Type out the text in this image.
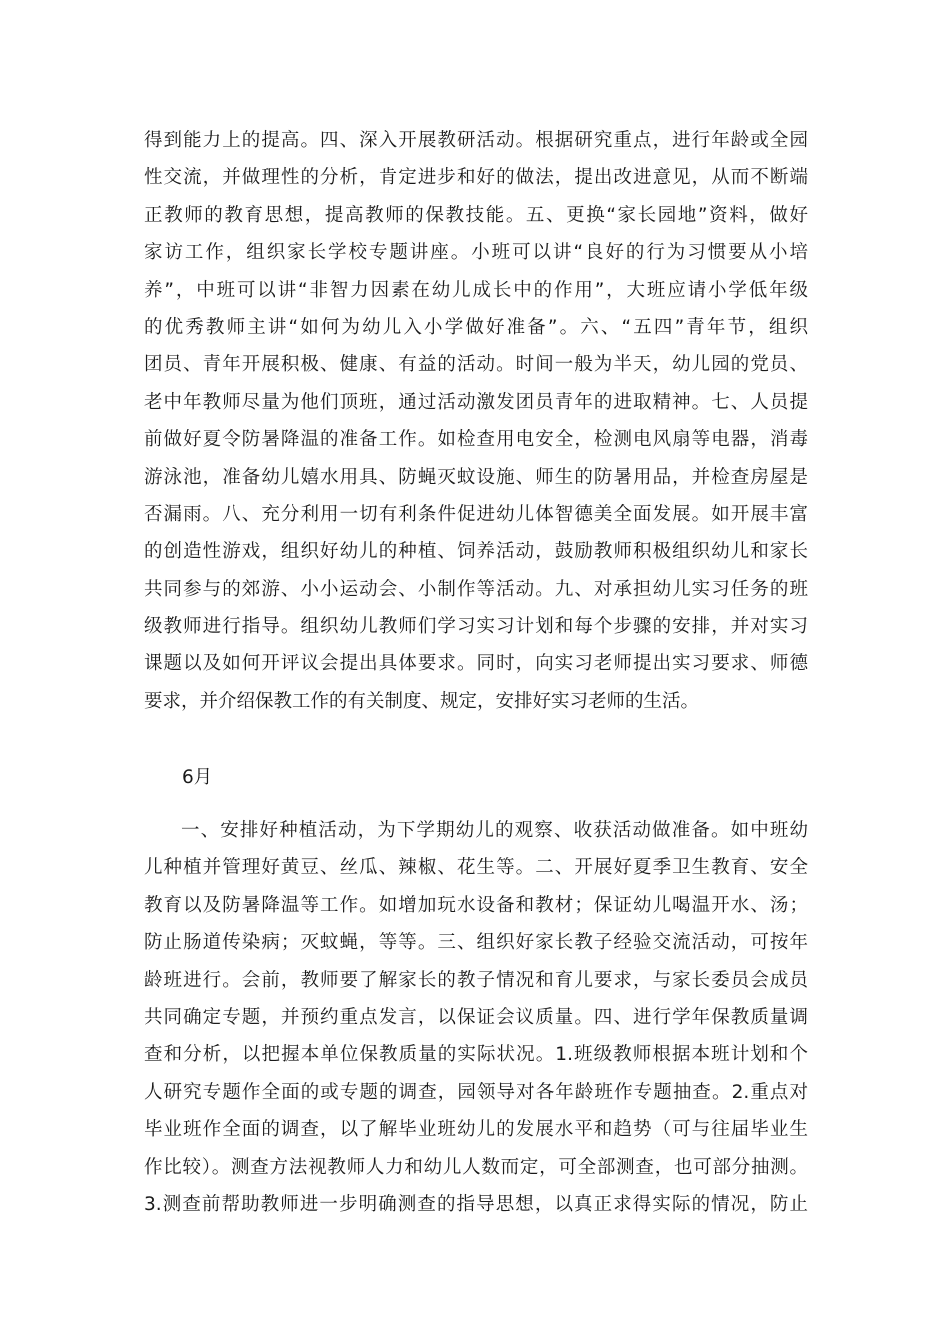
得到能力上的提高。四、深入开展教研活动。根据研究重点，进行年龄或全园
性交流，并做理性的分析，肯定进步和好的做法，提出改进意见，从而不断端
正教师的教育思想，提高教师的保教技能。五、更换“家长园地”资料，做好
家访工作，组织家长学校专题讲座。小班可以讲“良好的行为习惯要从小培
养”，中班可以讲“非智力因素在幼儿成长中的作用”，大班应请小学低年级
的优秀教师主讲“如何为幼儿入小学做好准备”。六、“五四”青年节，组织
团员、青年开展积极、健康、有益的活动。时间一般为半天，幼儿园的党员、
老中年教师尽量为他们顶班，通过活动激发团员青年的进取精神。七、人员提
前做好夏令防暑降温的准备工作。如检查用电安全，检测电风扇等电器，消毒
游泳池，准备幼儿嬉水用具、防蝇灭蚊设施、师生的防暑用品，并检查房屋是
否漏雨。八、充分利用一切有利条件促进幼儿体智德美全面发展。如开展丰富
的创造性游戏，组织好幼儿的种植、饲养活动，鼓励教师积极组织幼儿和家长
共同参与的郊游、小小运动会、小制作等活动。九、对承担幼儿实习任务的班
级教师进行指导。组织幼儿教师们学习实习计划和每个步骤的安排，并对实习
课题以及如何开评议会提出具体要求。同时，向实习老师提出实习要求、师德
要求，并介绍保教工作的有关制度、规定，安排好实习老师的生活。
6月
一、安排好种植活动，为下学期幼儿的观察、收获活动做准备。如中班幼
儿种植并管理好黄豆、丝瓜、辣椒、花生等。二、开展好夏季卫生教育、安全
教育以及防暑降温等工作。如增加玩水设备和教材；保证幼儿喝温开水、汤；
防止肠道传染病；灭蚊蝇，等等。三、组织好家长教子经验交流活动，可按年
龄班进行。会前，教师要了解家长的教子情况和育儿要求，与家长委员会成员
共同确定专题，并预约重点发言，以保证会议质量。四、进行学年保教质量调
查和分析，以把握本单位保教质量的实际状况。1.班级教师根据本班计划和个
人研究专题作全面的或专题的调查，园领导对各年龄班作专题抽查。2.重点对
毕业班作全面的调查，以了解毕业班幼儿的发展水平和趋势（可与往届毕业生
作比较）。测查方法视教师人力和幼儿人数而定，可全部测查，也可部分抽测。
3.测查前帮助教师进一步明确测查的指导思想，以真正求得实际的情况，防止
